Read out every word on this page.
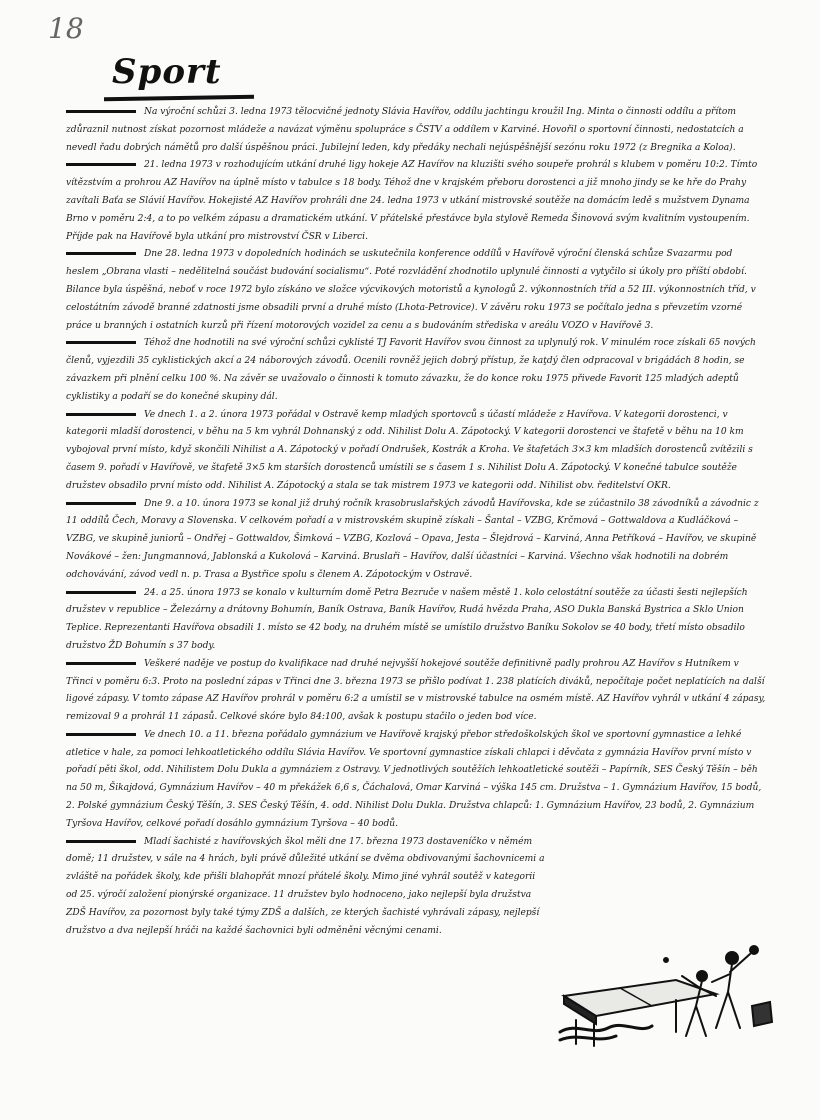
18
Sport

Na výroční schůzi 3. ledna 1973 tělocvičné jednoty Slávia Havířov, oddílu jachtingu kroužil Ing. Minta o činnosti oddílu a přítom zdůraznil nutnost získat pozornost mládeže a navázat výměnu spolupráce s ČSTV a oddílem v Karviné. Hovořil o sportovní činnosti, nedostatcích a nevedl řadu dobrých námětů pro další úspěšnou práci. Jubilejní leden, kdy předáky nechali nejúspěšnější sezónu roku 1972 (z Bregnika a Koloa).

21. ledna 1973 v rozhodujícím utkání druhé ligy hokeje AZ Havířov na kluzišti svého soupeře prohrál s klubem v poměru 10:2. Tímto vítězstvím a prohrou AZ Havířov na úplně místo v tabulce s 18 body. Téhož dne v krajském přeboru dorostenci a již mnoho jindy se ke hře do Prahy zavítali Baťa se Slávií Havířov. Hokejisté AZ Havířov prohráli dne 24. ledna 1973 v utkání mistrovské soutěže na domácím ledě s mužstvem Dynama Brno v poměru 2:4, a to po velkém zápasu a dramatickém utkání. V přátelské přestávce byla stylově Remeda Šinovová svým kvalitním vystoupením. Příjde pak na Havířově byla utkání pro mistrovství ČSR v Liberci.

Dne 28. ledna 1973 v dopoledních hodinách se uskutečnila konference oddílů v Havířově výroční členská schůze Svazarmu pod heslem „Obrana vlasti – nedělitelná součást budování socialismu“. Poté rozvládění zhodnotilo uplynulé činnosti a vytyčilo si úkoly pro příští období. Bilance byla úspěšná, neboť v roce 1972 bylo získáno ve složce výcvikových motoristů a kynologů 2. výkonnostních tříd a 52 III. výkonnostních tříd, v celostátním závodě branné zdatnosti jsme obsadili první a druhé místo (Lhota-Petrovice). V závěru roku 1973 se počítalo jedna s převzetím vzorné práce u branných i ostatních kurzů při řízení motorových vozidel za cenu a s budováním střediska v areálu VOZO v Havířově 3.

Téhož dne hodnotili na své výroční schůzi cyklisté TJ Favorit Havířov svou činnost za uplynulý rok. V minulém roce získali 65 nových členů, vyjezdili 35 cyklistických akcí a 24 náborových závodů. Ocenili rovněž jejich dobrý přístup, že kaţdý člen odpracoval v brigádách 8 hodin, se závazkem při plnění celku 100 %. Na závěr se uvažovalo o činnosti k tomuto závazku, že do konce roku 1975 přivede Favorit 125 mladých adeptů cyklistiky a podaří se do konečné skupiny dál.

Ve dnech 1. a 2. února 1973 pořádal v Ostravě kemp mladých sportovců s účastí mládeže z Havířova. V kategorii dorostenci, v kategorii mladší dorostenci, v běhu na 5 km vyhrál Dohnanský z odd. Nihilist Dolu A. Zápotocký. V kategorii dorostenci ve štafetě v běhu na 10 km vybojoval první místo, když skončili Nihilist a A. Zápotocký v pořadí Ondrušek, Kostrák a Kroha. Ve štafetách 3×3 km mladších dorostenců zvítězili s časem 9. pořadí v Havířově, ve štafetě 3×5 km starších dorostenců umístili se s časem 1 s. Nihilist Dolu A. Zápotocký. V konečné tabulce soutěže družstev obsadilo první místo odd. Nihilist A. Zápotocký a stala se tak mistrem 1973 ve kategorii odd. Nihilist obv. ředitelství OKR.

Dne 9. a 10. února 1973 se konal již druhý ročník krasobruslařských závodů Havířovska, kde se zúčastnilo 38 závodníků a závodnic z 11 oddílů Čech, Moravy a Slovenska. V celkovém pořadí a v mistrovském skupině získali – Šantal – VZBG, Krčmová – Gottwaldova a Kudláčková – VZBG, ve skupině juniorů – Ondřej – Gottwaldov, Šimková – VZBG, Kozlová – Opava, Jesta – Šlejdrová – Karviná, Anna Petříková – Havířov, ve skupině Novákové – žen: Jungmannová, Jablonská a Kukolová – Karviná. Bruslaři – Havířov, další účastníci – Karviná. Všechno však hodnotili na dobrém odchovávání, závod vedl n. p. Trasa a Bystřice spolu s členem A. Zápotockým v Ostravě.

24. a 25. února 1973 se konalo v kulturním domě Petra Bezruče v našem městě 1. kolo celostátní soutěže za účasti šesti nejlepších družstev v republice – Železárny a drátovny Bohumín, Baník Ostrava, Baník Havířov, Rudá hvězda Praha, ASO Dukla Banská Bystrica a Sklo Union Teplice. Reprezentanti Havířova obsadili 1. místo se 42 body, na druhém místě se umístilo družstvo Baníku Sokolov se 40 body, třetí místo obsadilo družstvo ŽD Bohumín s 37 body.

Veškeré naděje ve postup do kvalifikace nad druhé nejvyšší hokejové soutěže definitivně padly prohrou AZ Havířov s Hutníkem v Třinci v poměru 6:3. Proto na poslední zápas v Třinci dne 3. března 1973 se přišlo podívat 1. 238 platících diváků, nepočítaje počet neplatících na další ligové zápasy. V tomto zápase AZ Havířov prohrál v poměru 6:2 a umístil se v mistrovské tabulce na osmém místě. AZ Havířov vyhrál v utkání 4 zápasy, remizoval 9 a prohrál 11 zápasů. Celkové skóre bylo 84:100, avšak k postupu stačilo o jeden bod více.

Ve dnech 10. a 11. března pořádalo gymnázium ve Havířově krajský přebor středoškolských škol ve sportovní gymnastice a lehké atletice v hale, za pomoci lehkoatletického oddílu Slávia Havířov. Ve sportovní gymnastice získali chlapci i děvčata z gymnázia Havířov první místo v pořadí pěti škol, odd. Nihilistem Dolu Dukla a gymnáziem z Ostravy. V jednotlivých soutěžích lehkoatletické soutěži – Papírník, SES Český Těšín – běh na 50 m, Šikajdová, Gymnázium Havířov – 40 m překážek 6,6 s, Čáchalová, Omar Karviná – výška 145 cm. Družstva – 1. Gymnázium Havířov, 15 bodů, 2. Polské gymnázium Český Těšín, 3. SES Český Těšín, 4. odd. Nihilist Dolu Dukla. Družstva chlapců: 1. Gymnázium Havířov, 23 bodů, 2. Gymnázium Tyršova Havířov, celkové pořadí dosáhlo gymnázium Tyršova – 40 bodů.

Mladí šachisté z havířovských škol měli dne 17. března 1973 dostaveníčko v němém domě; 11 družstev, v sále na 4 hrách, byli právě důležité utkání se dvěma obdivovanými šachovnicemi a zvláště na pořádek školy, kde přišli blahopřát mnozí přátelé školy. Mimo jiné vyhrál soutěž v kategorii od 25. výročí založení pionýrské organizace. 11 družstev bylo hodnoceno, jako nejlepší byla družstva ZDŠ Havířov, za pozornost byly také týmy ZDŠ a dalších, ze kterých šachisté vyhrávali zápasy, nejlepší družstvo a dva nejlepší hráči na každé šachovnici byli odměněni věcnými cenami.
